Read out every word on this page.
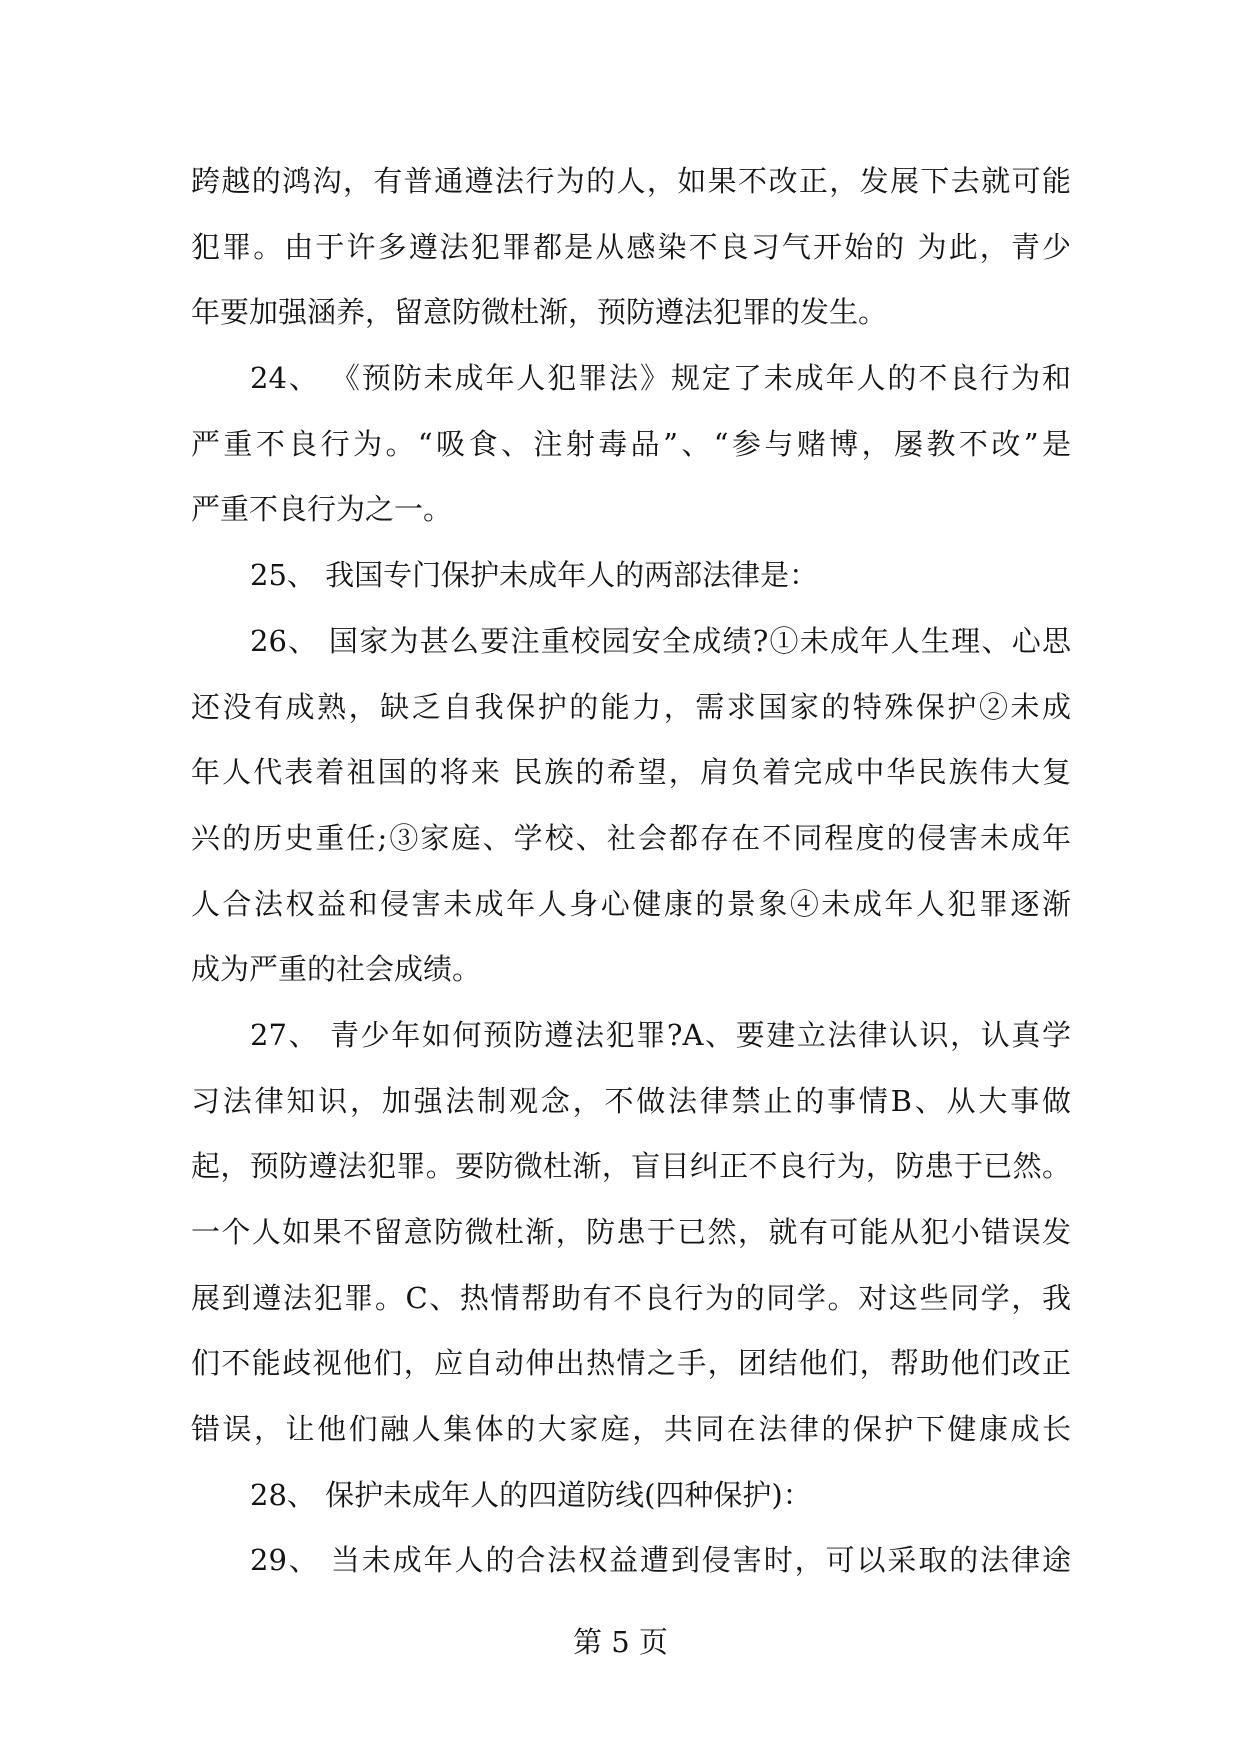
跨越的鸿沟，有普通遵法行为的人，如果不改正，发展下去就可能
犯罪。由于许多遵法犯罪都是从感染不良习气开始的 为此，青少
年要加强涵养，留意防微杜渐，预防遵法犯罪的发生。
24、 《预防未成年人犯罪法》规定了未成年人的不良行为和
严重不良行为。“吸食、注射毒品”、“参与赌博，屡教不改”是
严重不良行为之一。
25、 我国专门保护未成年人的两部法律是：
26、 国家为甚么要注重校园安全成绩?①未成年人生理、心思
还没有成熟，缺乏自我保护的能力，需求国家的特殊保护②未成
年人代表着祖国的将来 民族的希望，肩负着完成中华民族伟大复
兴的历史重任;③家庭、学校、社会都存在不同程度的侵害未成年
人合法权益和侵害未成年人身心健康的景象④未成年人犯罪逐渐
成为严重的社会成绩。
27、 青少年如何预防遵法犯罪?A、要建立法律认识，认真学
习法律知识，加强法制观念，不做法律禁止的事情B、从大事做
起，预防遵法犯罪。要防微杜渐，盲目纠正不良行为，防患于已然。
一个人如果不留意防微杜渐，防患于已然，就有可能从犯小错误发
展到遵法犯罪。C、热情帮助有不良行为的同学。对这些同学，我
们不能歧视他们，应自动伸出热情之手，团结他们，帮助他们改正
错误，让他们融人集体的大家庭，共同在法律的保护下健康成长
28、 保护未成年人的四道防线(四种保护)：
29、 当未成年人的合法权益遭到侵害时，可以采取的法律途
第 5 页
